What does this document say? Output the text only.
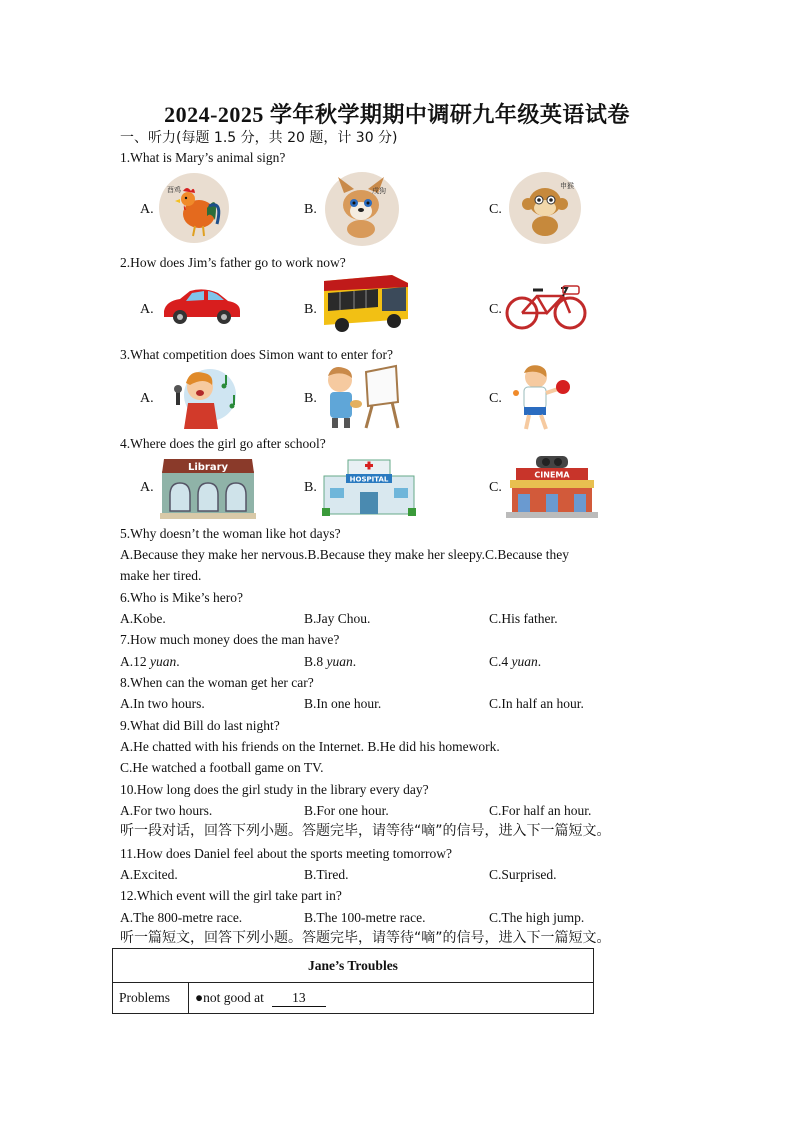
2024-2025 学年秋学期期中调研九年级英语试卷
一、听力(每题 1.5 分，共 20 题，计 30 分)
1.What is Mary’s animal sign?
A.
酉鸡
B.
戌狗
C.
申猴
2.How does Jim’s father go to work now?
A.	B.	C.
3.What competition does Simon want to enter for?
A.	B.	C.
4.Where does the girl go after school?
A.
Library
B.
HOSPITAL
C.
CINEMA
5.Why doesn’t the woman like hot days?
A.Because they make her nervous.B.Because they make her sleepy.C.Because they
make her tired.
6.Who is Mike’s hero?
A.Kobe.	B.Jay Chou.	C.His father.
7.How much money does the man have?
A.12 yuan.	B.8 yuan.	C.4 yuan.
8.When can the woman get her car?
A.In two hours.	B.In one hour.	C.In half an hour.
9.What did Bill do last night?
A.He chatted with his friends on the Internet. B.He did his homework.
C.He watched a football game on TV.
10.How long does the girl study in the library every day?
A.For two hours.	B.For one hour.	C.For half an hour.
听一段对话，回答下列小题。答题完毕，请等待“嘀”的信号，进入下一篇短文。
11.How does Daniel feel about the sports meeting tomorrow?
A.Excited.	B.Tired.	C.Surprised.
12.Which event will the girl take part in?
A.The 800-metre race.	B.The 100-metre race.	C.The high jump.
听一篇短文，回答下列小题。答题完毕，请等待“嘀”的信号，进入下一篇短文。
Jane’s Troubles
Problems	●not good at 13
